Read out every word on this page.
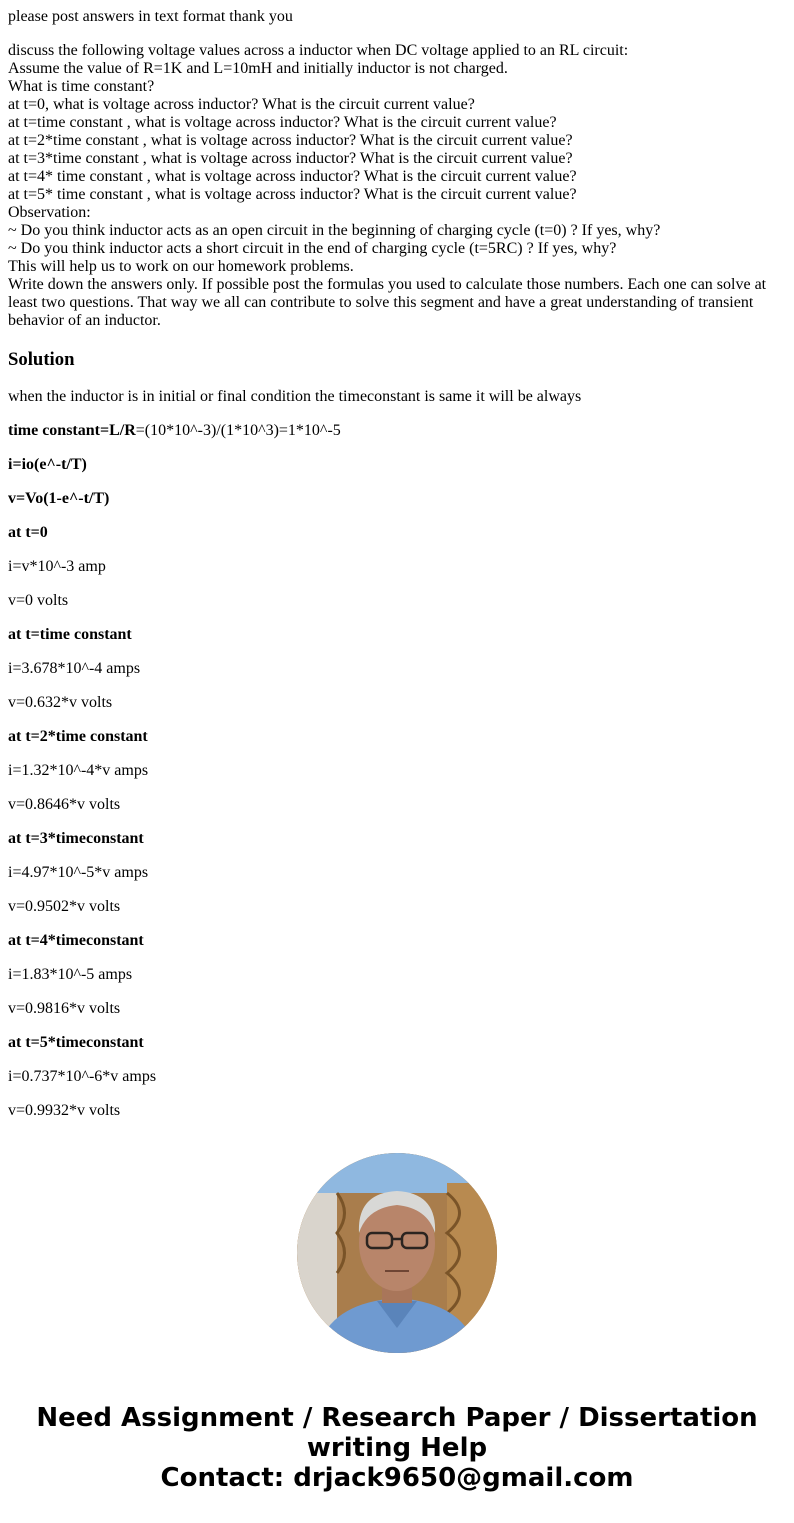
please post answers in text format thank you

discuss the following voltage values across a inductor when DC voltage applied to an RL circuit:
Assume the value of R=1K and L=10mH and initially inductor is not charged.
What is time constant?
at t=0, what is voltage across inductor? What is the circuit current value?
at t=time constant , what is voltage across inductor? What is the circuit current value?
at t=2*time constant , what is voltage across inductor? What is the circuit current value?
at t=3*time constant , what is voltage across inductor? What is the circuit current value?
at t=4* time constant , what is voltage across inductor? What is the circuit current value?
at t=5* time constant , what is voltage across inductor? What is the circuit current value?
Observation:
~ Do you think inductor acts as an open circuit in the beginning of charging cycle (t=0) ? If yes, why?
~ Do you think inductor acts a short circuit in the end of charging cycle (t=5RC) ? If yes, why?
This will help us to work on our homework problems.
Write down the answers only. If possible post the formulas you used to calculate those numbers. Each one can solve at least two questions. That way we all can contribute to solve this segment and have a great understanding of transient behavior of an inductor.
Solution

when the inductor is in initial or final condition the timeconstant is same it will be always

time constant=L/R=(10*10^-3)/(1*10^3)=1*10^-5

i=io(e^-t/T)

v=Vo(1-e^-t/T)

at t=0

i=v*10^-3 amp

v=0 volts

at t=time constant

i=3.678*10^-4 amps

v=0.632*v volts

at t=2*time constant

i=1.32*10^-4*v amps

v=0.8646*v volts

at t=3*timeconstant

i=4.97*10^-5*v amps

v=0.9502*v volts

at t=4*timeconstant

i=1.83*10^-5 amps

v=0.9816*v volts

at t=5*timeconstant

i=0.737*10^-6*v amps

v=0.9932*v volts

Need Assignment / Research Paper / Dissertation
writing Help
Contact: drjack9650@gmail.com
